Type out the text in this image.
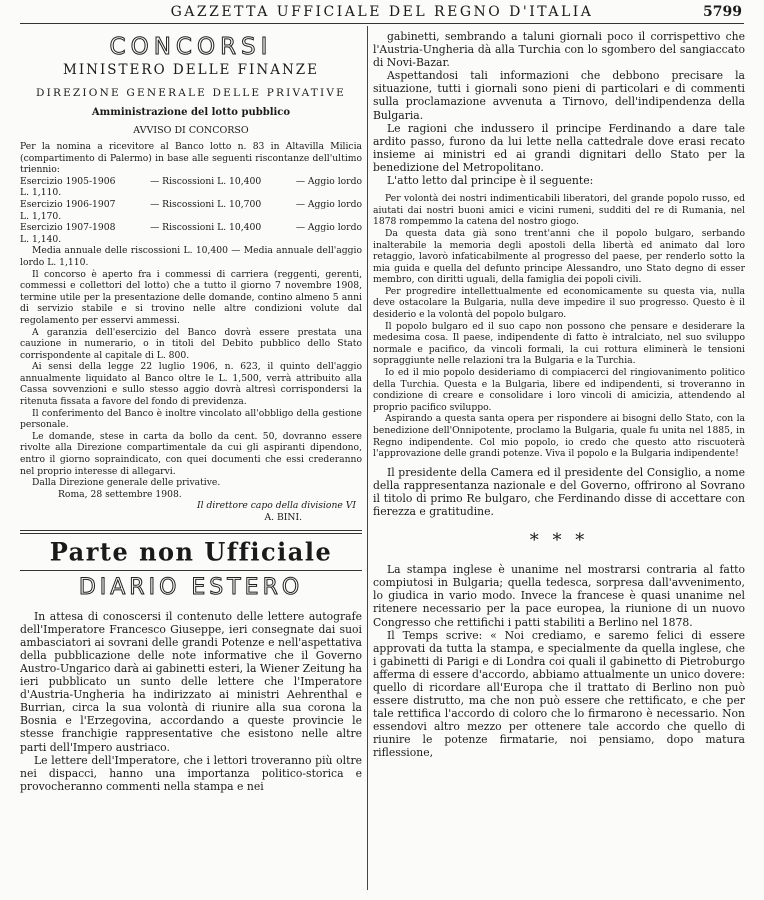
GAZZETTA UFFICIALE DEL REGNO D'ITALIA	5799
CONCORSI
MINISTERO DELLE FINANZE
DIREZIONE GENERALE DELLE PRIVATIVE
Amministrazione del lotto pubblico
AVVISO DI CONCORSO

Per la nomina a ricevitore al Banco lotto n. 83 in Altavilla Milicia (compartimento di Palermo) in base alle seguenti riscontanze dell'ultimo triennio:

Esercizio 1905-1906	— Riscossioni L. 10,400	— Aggio lordo
L. 1,110.
Esercizio 1906-1907	— Riscossioni L. 10,700	— Aggio lordo
L. 1,170.
Esercizio 1907-1908	— Riscossioni L. 10,400	— Aggio lordo
L. 1,140.

Media annuale delle riscossioni L. 10,400 — Media annuale dell'aggio lordo L. 1,110.

Il concorso è aperto fra i commessi di carriera (reggenti, gerenti, commessi e collettori del lotto) che a tutto il giorno 7 novembre 1908, termine utile per la presentazione delle domande, contino almeno 5 anni di servizio stabile e si trovino nelle altre condizioni volute dal regolamento per esservi ammessi.

A garanzia dell'esercizio del Banco dovrà essere prestata una cauzione in numerario, o in titoli del Debito pubblico dello Stato corrispondente al capitale di L. 800.

Ai sensi della legge 22 luglio 1906, n. 623, il quinto dell'aggio annualmente liquidato al Banco oltre le L. 1,500, verrà attribuito alla Cassa sovvenzioni e sullo stesso aggio dovrà altresì corrispondersi la ritenuta fissata a favore del fondo di previdenza.

Il conferimento del Banco è inoltre vincolato all'obbligo della gestione personale.

Le domande, stese in carta da bollo da cent. 50, dovranno essere rivolte alla Direzione compartimentale da cui gli aspiranti dipendono, entro il giorno sopraindicato, con quei documenti che essi crederanno nel proprio interesse di allegarvi.

Dalla Direzione generale delle privative.

Roma, 28 settembre 1908.
Il direttore capo della divisione VI
A. BINI.
Parte non Ufficiale
DIARIO ESTERO

In attesa di conoscersi il contenuto delle lettere autografe dell'Imperatore Francesco Giuseppe, ieri consegnate dai suoi ambasciatori ai sovrani delle grandi Potenze e nell'aspettativa della pubblicazione delle note informative che il Governo Austro-Ungarico darà ai gabinetti esteri, la Wiener Zeitung ha ieri pubblicato un sunto delle lettere che l'Imperatore d'Austria-Ungheria ha indirizzato ai ministri Aehrenthal e Burrian, circa la sua volontà di riunire alla sua corona la Bosnia e l'Erzegovina, accordando a queste provincie le stesse franchigie rappresentative che esistono nelle altre parti dell'Impero austriaco.

Le lettere dell'Imperatore, che i lettori troveranno più oltre nei dispacci, hanno una importanza politico-storica e provocheranno commenti nella stampa e nei

gabinetti, sembrando a taluni giornali poco il corrispettivo che l'Austria-Ungheria dà alla Turchia con lo sgombero del sangiaccato di Novi-Bazar.

Aspettandosi tali informazioni che debbono precisare la situazione, tutti i giornali sono pieni di particolari e di commenti sulla proclamazione avvenuta a Tirnovo, dell'indipendenza della Bulgaria.

Le ragioni che indussero il principe Ferdinando a dare tale ardito passo, furono da lui lette nella cattedrale dove erasi recato insieme ai ministri ed ai grandi dignitari dello Stato per la benedizione del Metropolitano.

L'atto letto dal principe è il seguente:

Per volontà dei nostri indimenticabili liberatori, del grande popolo russo, ed aiutati dai nostri buoni amici e vicini rumeni, sudditi del re di Rumania, nel 1878 rompemmo la catena del nostro giogo.

Da questa data già sono trent'anni che il popolo bulgaro, serbando inalterabile la memoria degli apostoli della libertà ed animato dal loro retaggio, lavorò infaticabilmente al progresso del paese, per renderlo sotto la mia guida e quella del defunto principe Alessandro, uno Stato degno di esser membro, con diritti uguali, della famiglia dei popoli civili.

Per progredire intellettualmente ed economicamente su questa via, nulla deve ostacolare la Bulgaria, nulla deve impedire il suo progresso. Questo è il desiderio e la volontà del popolo bulgaro.

Il popolo bulgaro ed il suo capo non possono che pensare e desiderare la medesima cosa. Il paese, indipendente di fatto è intralciato, nel suo sviluppo normale e pacifico, da vincoli formali, la cui rottura eliminerà le tensioni sopraggiunte nelle relazioni tra la Bulgaria e la Turchia.

Io ed il mio popolo desideriamo di compiacerci del ringiovanimento politico della Turchia. Questa e la Bulgaria, libere ed indipendenti, si troveranno in condizione di creare e consolidare i loro vincoli di amicizia, attendendo al proprio pacifico sviluppo.

Aspirando a questa santa opera per rispondere ai bisogni dello Stato, con la benedizione dell'Onnipotente, proclamo la Bulgaria, quale fu unita nel 1885, in Regno indipendente. Col mio popolo, io credo che questo atto riscuoterà l'approvazione delle grandi potenze. Viva il popolo e la Bulgaria indipendente!

Il presidente della Camera ed il presidente del Consiglio, a nome della rappresentanza nazionale e del Governo, offrirono al Sovrano il titolo di primo Re bulgaro, che Ferdinando disse di accettare con fierezza e gratitudine.

* * *

La stampa inglese è unanime nel mostrarsi contraria al fatto compiutosi in Bulgaria; quella tedesca, sorpresa dall'avvenimento, lo giudica in vario modo. Invece la francese è quasi unanime nel ritenere necessario per la pace europea, la riunione di un nuovo Congresso che rettifichi i patti stabiliti a Berlino nel 1878.

Il Temps scrive: « Noi crediamo, e saremo felici di essere approvati da tutta la stampa, e specialmente da quella inglese, che i gabinetti di Parigi e di Londra coi quali il gabinetto di Pietroburgo afferma di essere d'accordo, abbiamo attualmente un unico dovere: quello di ricordare all'Europa che il trattato di Berlino non può essere distrutto, ma che non può essere che rettificato, e che per tale rettifica l'accordo di coloro che lo firmarono è necessario. Non essendovi altro mezzo per ottenere tale accordo che quello di riunire le potenze firmatarie, noi pensiamo, dopo matura riflessione,
